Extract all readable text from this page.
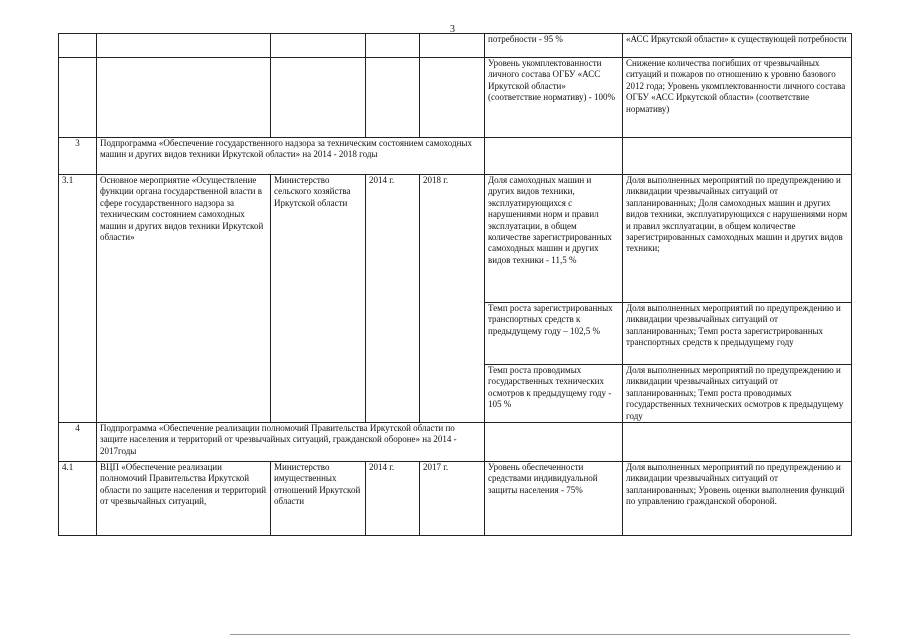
3
					потребности - 95 %	«АСС Иркутской области» к существующей потребности
					Уровень укомплектованности личного состава ОГБУ «АСС Иркутской области» (соответствие нормативу) - 100%	Снижение количества погибших от чрезвычайных ситуаций и пожаров по отношению к уровню базового 2012 года; Уровень укомплектованности личного состава ОГБУ «АСС Иркутской области» (соответствие нормативу)
3	Подпрограмма «Обеспечение государственного надзора за техническим состоянием самоходных машин и других видов техники Иркутской области» на 2014 - 2018 годы					
3.1	Основное мероприятие «Осуществление функции органа государственной власти в сфере государственного надзора за техническим состоянием самоходных машин и других видов техники Иркутской области»	Министерство сельского хозяйства Иркутской области	2014 г.	2018 г.	Доля самоходных машин и других видов техники, эксплуатирующихся с нарушениями норм и правил эксплуатации, в общем количестве зарегистрированных самоходных машин и других видов техники - 11,5 %	Доля выполненных мероприятий по предупреждению и ликвидации чрезвычайных ситуаций от запланированных; Доля самоходных машин и других видов техники, эксплуатирующихся с нарушениями норм и правил эксплуатации, в общем количестве зарегистрированных самоходных машин и других видов техники;
					Темп роста зарегистрированных транспортных средств к предыдущему году – 102,5 %	Доля выполненных мероприятий по предупреждению и ликвидации чрезвычайных ситуаций от запланированных; Темп роста зарегистрированных транспортных средств к предыдущему году
					Темп роста проводимых государственных технических осмотров к предыдущему году - 105 %	Доля выполненных мероприятий по предупреждению и ликвидации чрезвычайных ситуаций от запланированных; Темп роста проводимых государственных технических осмотров к предыдущему году
4	Подпрограмма «Обеспечение реализации полномочий Правительства Иркутской области по защите населения и территорий от чрезвычайных ситуаций, гражданской обороне» на 2014 - 2017годы					
4.1	ВЦП «Обеспечение реализации полномочий Правительства Иркутской области по защите населения и территорий от чрезвычайных ситуаций,	Министерство имущественных отношений Иркутской области	2014 г.	2017 г.	Уровень обеспеченности средствами индивидуальной защиты населения - 75%	Доля выполненных мероприятий по предупреждению и ликвидации чрезвычайных ситуаций от запланированных; Уровень оценки выполнения функций по управлению гражданской обороной.
